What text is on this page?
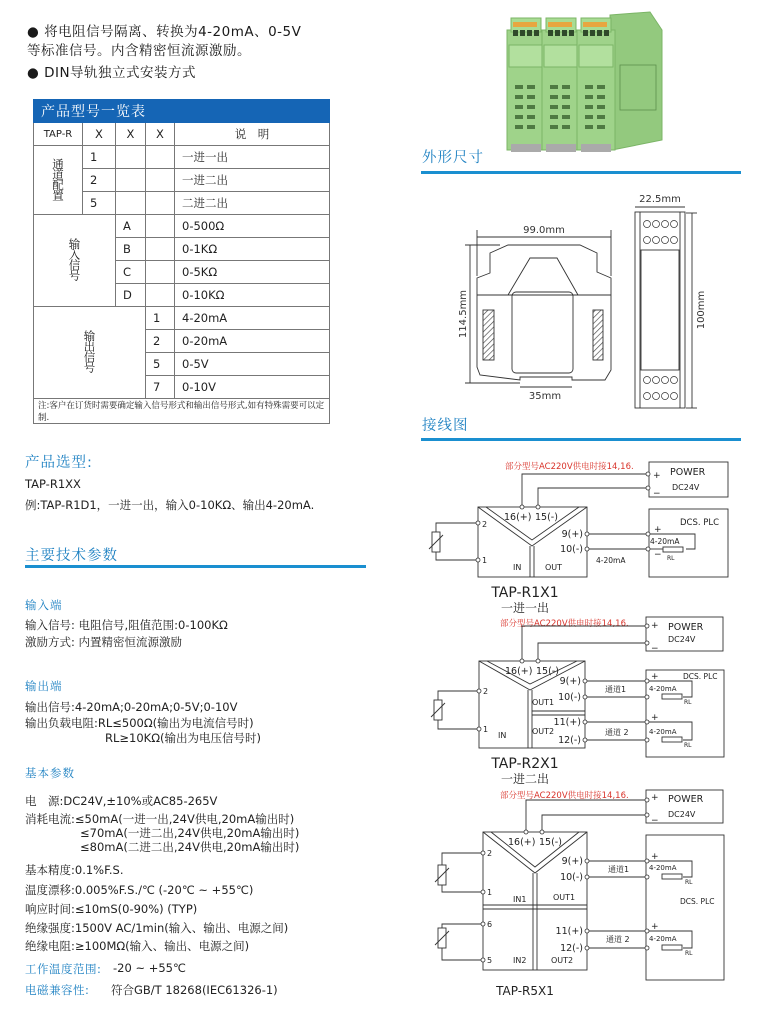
● 将电阻信号隔离、转换为4-20mA、0-5V
等标准信号。内含精密恒流源激励。
● DIN导轨独立式安装方式
产品型号一览表				
TAP-R	X	X	X	说　明
通道配置	1			一进一出
	2			一进二出
	5			二进二出
输入信号		A		0-500Ω
		B		0-1KΩ
		C		0-5KΩ
		D		0-10KΩ
输出信号			1	4-20mA
			2	0-20mA
			5	0-5V
			7	0-10V
注:客户在订货时需要确定输入信号形式和输出信号形式,如有特殊需要可以定制.				
产品选型:
TAP-R1XX
例:TAP-R1D1，一进一出，输入0-10KΩ、输出4-20mA.
主要技术参数
输入端
输入信号: 电阻信号,阻值范围:0-100KΩ
激励方式: 内置精密恒流源激励
输出端
输出信号:4-20mA;0-20mA;0-5V;0-10V
输出负载电阻:RL≤500Ω(输出为电流信号时)
RL≥10KΩ(输出为电压信号时)
基本参数
电　源:DC24V,±10%或AC85-265V
消耗电流:≤50mA(一进一出,24V供电,20mA输出时)
≤70mA(一进二出,24V供电,20mA输出时)
≤80mA(二进二出,24V供电,20mA输出时)
基本精度:0.1%F.S.
温度漂移:0.005%F.S./℃ (-20℃ ~ +55℃)
响应时间:≤10mS(0-90%) (TYP)
绝缘强度:1500V AC/1min(输入、输出、电源之间)
绝缘电阻:≥100MΩ(输入、输出、电源之间)
工作温度范围: -20 ~ +55℃
电磁兼容性: 符合GB/T 18268(IEC61326-1)
外形尺寸
接线图
99.0mm
114.5mm
35mm
22.5mm
100mm
部分型号AC220V供电时接14,16.	POWER
DC24V
+
−
16(+) 15(-)
9(+)
10(-)
2
1
IN	OUT
DCS. PLC
+
−
4-20mA
4-20mA	RL
TAP-R1X1
一进一出
部分型号AC220V供电时接14,16.	POWER
DC24V
+
−
16(+) 15(-)
9(+)
10(-)
11(+)
12(-)
2
1
IN
OUT1
OUT2
通道1
通道 2
DCS. PLC
+
+
4-20mA
4-20mA
RL
RL
TAP-R2X1
一进二出
部分型号AC220V供电时接14,16.	POWER
DC24V
+
−
16(+) 15(-)
9(+)
10(-)
11(+)
12(-)
2
1
6
5
IN1
IN2
OUT1
OUT2
通道1
通道 2
DCS. PLC
+
+
4-20mA
4-20mA
RL
RL
TAP-R5X1
